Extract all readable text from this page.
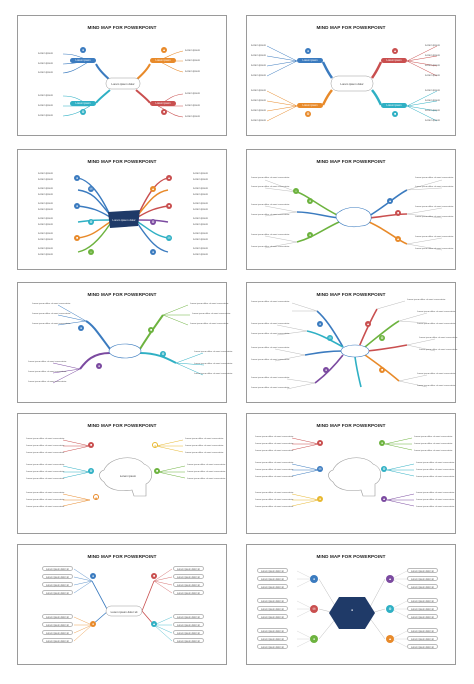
MIND MAP FOR POWERPOINT
Lorem ipsum dolor
Lorem ipsum	Lorem ipsum
Lorem ipsum	Lorem ipsum
●	▲
⚙	■
Lorem ipsum
Lorem ipsum
Lorem ipsum
Lorem ipsum
Lorem ipsum
Lorem ipsum
Lorem ipsum
Lorem ipsum
Lorem ipsum
Lorem ipsum
Lorem ipsum
Lorem ipsum
MIND MAP FOR POWERPOINT
Lorem ipsum dolor
Lorem ipsum	Lorem ipsum
Lorem ipsum	Lorem ipsum
●	▲
⚙	■
Lorem ipsum
Lorem ipsum
Lorem ipsum
Lorem ipsum
Lorem ipsum
Lorem ipsum
Lorem ipsum
Lorem ipsum
Lorem ipsum
Lorem ipsum
Lorem ipsum
Lorem ipsum
Lorem ipsum
Lorem ipsum
Lorem ipsum
Lorem ipsum
MIND MAP FOR POWERPOINT
Lorem ipsum dolor
●
✉
●
⚙
■
⌂
▲
▲
■
⚙
✉
●
Lorem ipsum
Lorem ipsum
Lorem ipsum
Lorem ipsum
Lorem ipsum
Lorem ipsum
Lorem ipsum
Lorem ipsum
Lorem ipsum
Lorem ipsum
Lorem ipsum
Lorem ipsum
Lorem ipsum
Lorem ipsum
Lorem ipsum
Lorem ipsum
Lorem ipsum
Lorem ipsum
Lorem ipsum
Lorem ipsum
Lorem ipsum
Lorem ipsum
Lorem ipsum
Lorem ipsum
MIND MAP FOR POWERPOINT
●
⌂
●
▲
■
▲
Lorem ipsum dolor sit amet consectetur.
Lorem ipsum dolor sit amet consectetur.
Lorem ipsum dolor sit amet consectetur.
Lorem ipsum dolor sit amet consectetur.
Lorem ipsum dolor sit amet consectetur.
Lorem ipsum dolor sit amet consectetur.
Lorem ipsum dolor sit amet consectetur.
Lorem ipsum dolor sit amet consectetur.
Lorem ipsum dolor sit amet consectetur.
Lorem ipsum dolor sit amet consectetur.
Lorem ipsum dolor sit amet consectetur.
Lorem ipsum dolor sit amet consectetur.
MIND MAP FOR POWERPOINT
●	■
●
⚙
Lorem ipsum dolor sit amet consectetur.
Lorem ipsum dolor sit amet consectetur.
Lorem ipsum dolor sit amet consectetur.
Lorem ipsum dolor sit amet consectetur.
Lorem ipsum dolor sit amet consectetur.
Lorem ipsum dolor sit amet consectetur.
Lorem ipsum dolor sit amet consectetur.
Lorem ipsum dolor sit amet consectetur.
Lorem ipsum dolor sit amet consectetur.
Lorem ipsum dolor sit amet consectetur.
Lorem ipsum dolor sit amet consectetur.
Lorem ipsum dolor sit amet consectetur.
MIND MAP FOR POWERPOINT
●
✉
▲
⚙
●	■
Lorem ipsum dolor sit amet consectetur.
Lorem ipsum dolor sit amet consectetur.
Lorem ipsum dolor sit amet consectetur.
Lorem ipsum dolor sit amet consectetur.
Lorem ipsum dolor sit amet consectetur.
Lorem ipsum dolor sit amet consectetur.
Lorem ipsum dolor sit amet consectetur.
Lorem ipsum dolor sit amet consectetur.
Lorem ipsum dolor sit amet consectetur.
Lorem ipsum dolor sit amet consectetur.
Lorem ipsum dolor sit amet consectetur.
Lorem ipsum dolor sit amet consectetur.
Lorem ipsum dolor sit amet consectetur.
Lorem ipsum dolor sit amet consectetur.
MIND MAP FOR POWERPOINT
Lorem ipsum
■
⚙
▲
●
■
Lorem ipsum dolor sit amet consectetur.
Lorem ipsum dolor sit amet consectetur.
Lorem ipsum dolor sit amet consectetur.
Lorem ipsum dolor sit amet consectetur.
Lorem ipsum dolor sit amet consectetur.
Lorem ipsum dolor sit amet consectetur.
Lorem ipsum dolor sit amet consectetur.
Lorem ipsum dolor sit amet consectetur.
Lorem ipsum dolor sit amet consectetur.
Lorem ipsum dolor sit amet consectetur.
Lorem ipsum dolor sit amet consectetur.
Lorem ipsum dolor sit amet consectetur.
Lorem ipsum dolor sit amet consectetur.
Lorem ipsum dolor sit amet consectetur.
Lorem ipsum dolor sit amet consectetur.
MIND MAP FOR POWERPOINT
■
✉
●
●
⚙
▲
Lorem ipsum dolor sit amet consectetur.
Lorem ipsum dolor sit amet consectetur.
Lorem ipsum dolor sit amet consectetur.
Lorem ipsum dolor sit amet consectetur.
Lorem ipsum dolor sit amet consectetur.
Lorem ipsum dolor sit amet consectetur.
Lorem ipsum dolor sit amet consectetur.
Lorem ipsum dolor sit amet consectetur.
Lorem ipsum dolor sit amet consectetur.
Lorem ipsum dolor sit amet consectetur.
Lorem ipsum dolor sit amet consectetur.
Lorem ipsum dolor sit amet consectetur.
Lorem ipsum dolor sit amet consectetur.
Lorem ipsum dolor sit amet consectetur.
Lorem ipsum dolor sit amet consectetur.
Lorem ipsum dolor sit amet consectetur.
Lorem ipsum dolor sit amet consectetur.
Lorem ipsum dolor sit amet consectetur.
MIND MAP FOR POWERPOINT
Lorem ipsum dolor sit
●
●
■
▲
Lorem ipsum dolor sit
Lorem ipsum dolor sit
Lorem ipsum dolor sit
Lorem ipsum dolor sit
Lorem ipsum dolor sit
Lorem ipsum dolor sit
Lorem ipsum dolor sit
Lorem ipsum dolor sit
Lorem ipsum dolor sit
Lorem ipsum dolor sit
Lorem ipsum dolor sit
Lorem ipsum dolor sit
Lorem ipsum dolor sit
Lorem ipsum dolor sit
Lorem ipsum dolor sit
Lorem ipsum dolor sit
MIND MAP FOR POWERPOINT
●
●
✉
●
▲
⚙
▲
Lorem ipsum dolor sit
Lorem ipsum dolor sit
Lorem ipsum dolor sit
Lorem ipsum dolor sit
Lorem ipsum dolor sit
Lorem ipsum dolor sit
Lorem ipsum dolor sit
Lorem ipsum dolor sit
Lorem ipsum dolor sit
Lorem ipsum dolor sit
Lorem ipsum dolor sit
Lorem ipsum dolor sit
Lorem ipsum dolor sit
Lorem ipsum dolor sit
Lorem ipsum dolor sit
Lorem ipsum dolor sit
Lorem ipsum dolor sit
Lorem ipsum dolor sit
